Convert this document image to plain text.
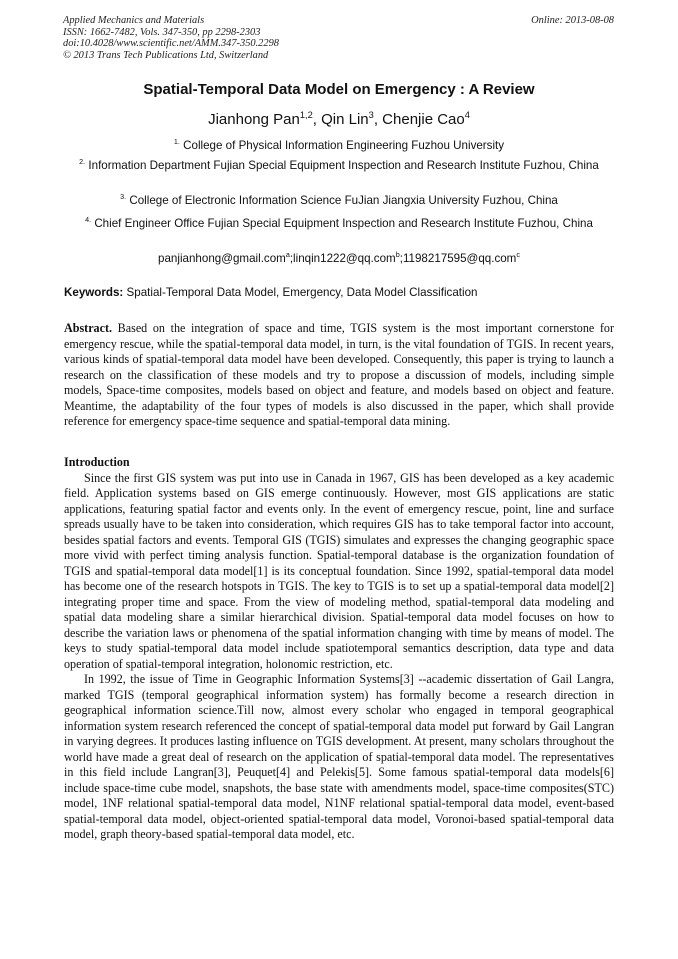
Applied Mechanics and Materials
ISSN: 1662-7482, Vols. 347-350, pp 2298-2303
doi:10.4028/www.scientific.net/AMM.347-350.2298
© 2013 Trans Tech Publications Ltd, Switzerland
Online: 2013-08-08
Spatial-Temporal Data Model on Emergency : A Review
Jianhong Pan$^{1,2}$, Qin Lin$^3$, Chenjie Cao$^4$
$^{1.}$ College of Physical Information Engineering Fuzhou University
$^{2.}$ Information Department Fujian Special Equipment Inspection and Research Institute Fuzhou, China
$^{3.}$ College of Electronic Information Science FuJian Jiangxia University Fuzhou, China
$^{4.}$ Chief Engineer Office Fujian Special Equipment Inspection and Research Institute Fuzhou, China
panjianhong@gmail.com$^a$;linqin1222@qq.com$^b$;1198217595@qq.com$^c$
Keywords: Spatial-Temporal Data Model, Emergency, Data Model Classification

Abstract. Based on the integration of space and time, TGIS system is the most important cornerstone for emergency rescue, while the spatial-temporal data model, in turn, is the vital foundation of TGIS. In recent years, various kinds of spatial-temporal data model have been developed. Consequently, this paper is trying to launch a research on the classification of these models and try to propose a discussion of models, including simple models, Space-time composites, models based on object and feature, and models based on object and feature. Meantime, the adaptability of the four types of models is also discussed in the paper, which shall provide reference for emergency space-time sequence and spatial-temporal data mining.

Introduction

Since the first GIS system was put into use in Canada in 1967, GIS has been developed as a key academic field. Application systems based on GIS emerge continuously. However, most GIS applications are static applications, featuring spatial factor and events only. In the event of emergency rescue, point, line and surface spreads usually have to be taken into consideration, which requires GIS has to take temporal factor into account, besides spatial factors and events. Temporal GIS (TGIS) simulates and expresses the changing geographic space more vivid with perfect timing analysis function. Spatial-temporal database is the organization foundation of TGIS and spatial-temporal data model[1] is its conceptual foundation. Since 1992, spatial-temporal data model has become one of the research hotspots in TGIS. The key to TGIS is to set up a spatial-temporal data model[2] integrating proper time and space. From the view of modeling method, spatial-temporal data modeling and spatial data modeling share a similar hierarchical division. Spatial-temporal data model focuses on how to describe the variation laws or phenomena of the spatial information changing with time by means of model. The keys to study spatial-temporal data model include spatiotemporal semantics description, data type and data operation of spatial-temporal integration, holonomic restriction, etc.

In 1992, the issue of Time in Geographic Information Systems[3] --academic dissertation of Gail Langra, marked TGIS (temporal geographical information system) has formally become a research direction in geographical information science.Till now, almost every scholar who engaged in temporal geographical information system research referenced the concept of spatial-temporal data model put forward by Gail Langran in varying degrees. It produces lasting influence on TGIS development. At present, many scholars throughout the world have made a great deal of research on the application of spatial-temporal data model. The representatives in this field include Langran[3], Peuquet[4] and Pelekis[5]. Some famous spatial-temporal data models[6] include space-time cube model, snapshots, the base state with amendments model, space-time composites(STC) model, 1NF relational spatial-temporal data model, N1NF relational spatial-temporal data model, event-based spatial-temporal data model, object-oriented spatial-temporal data model, Voronoi-based spatial-temporal data model, graph theory-based spatial-temporal data model, etc.
